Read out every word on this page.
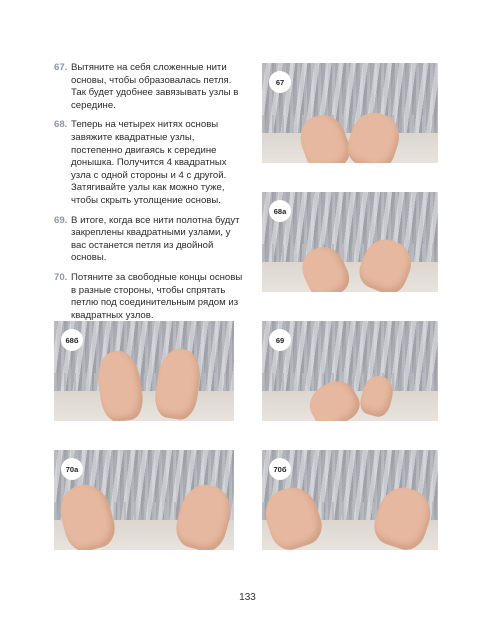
67. Вытяните на себя сложенные нити основы, чтобы образовалась петля. Так будет удобнее завязывать узлы в середине.
68. Теперь на четырех нитях основы завяжите квадратные узлы, постепенно двигаясь к середине донышка. Получится 4 квадратных узла с одной стороны и 4 с другой. Затягивайте узлы как можно туже, чтобы скрыть утолщение основы.
69. В итоге, когда все нити полотна будут закреплены квадратными узлами, у вас останется петля из двойной основы.
70. Потяните за свободные концы основы в разные стороны, чтобы спрятать петлю под соединительным рядом из квадратных узлов.
67
68а
68б	69
70а	70б
133
